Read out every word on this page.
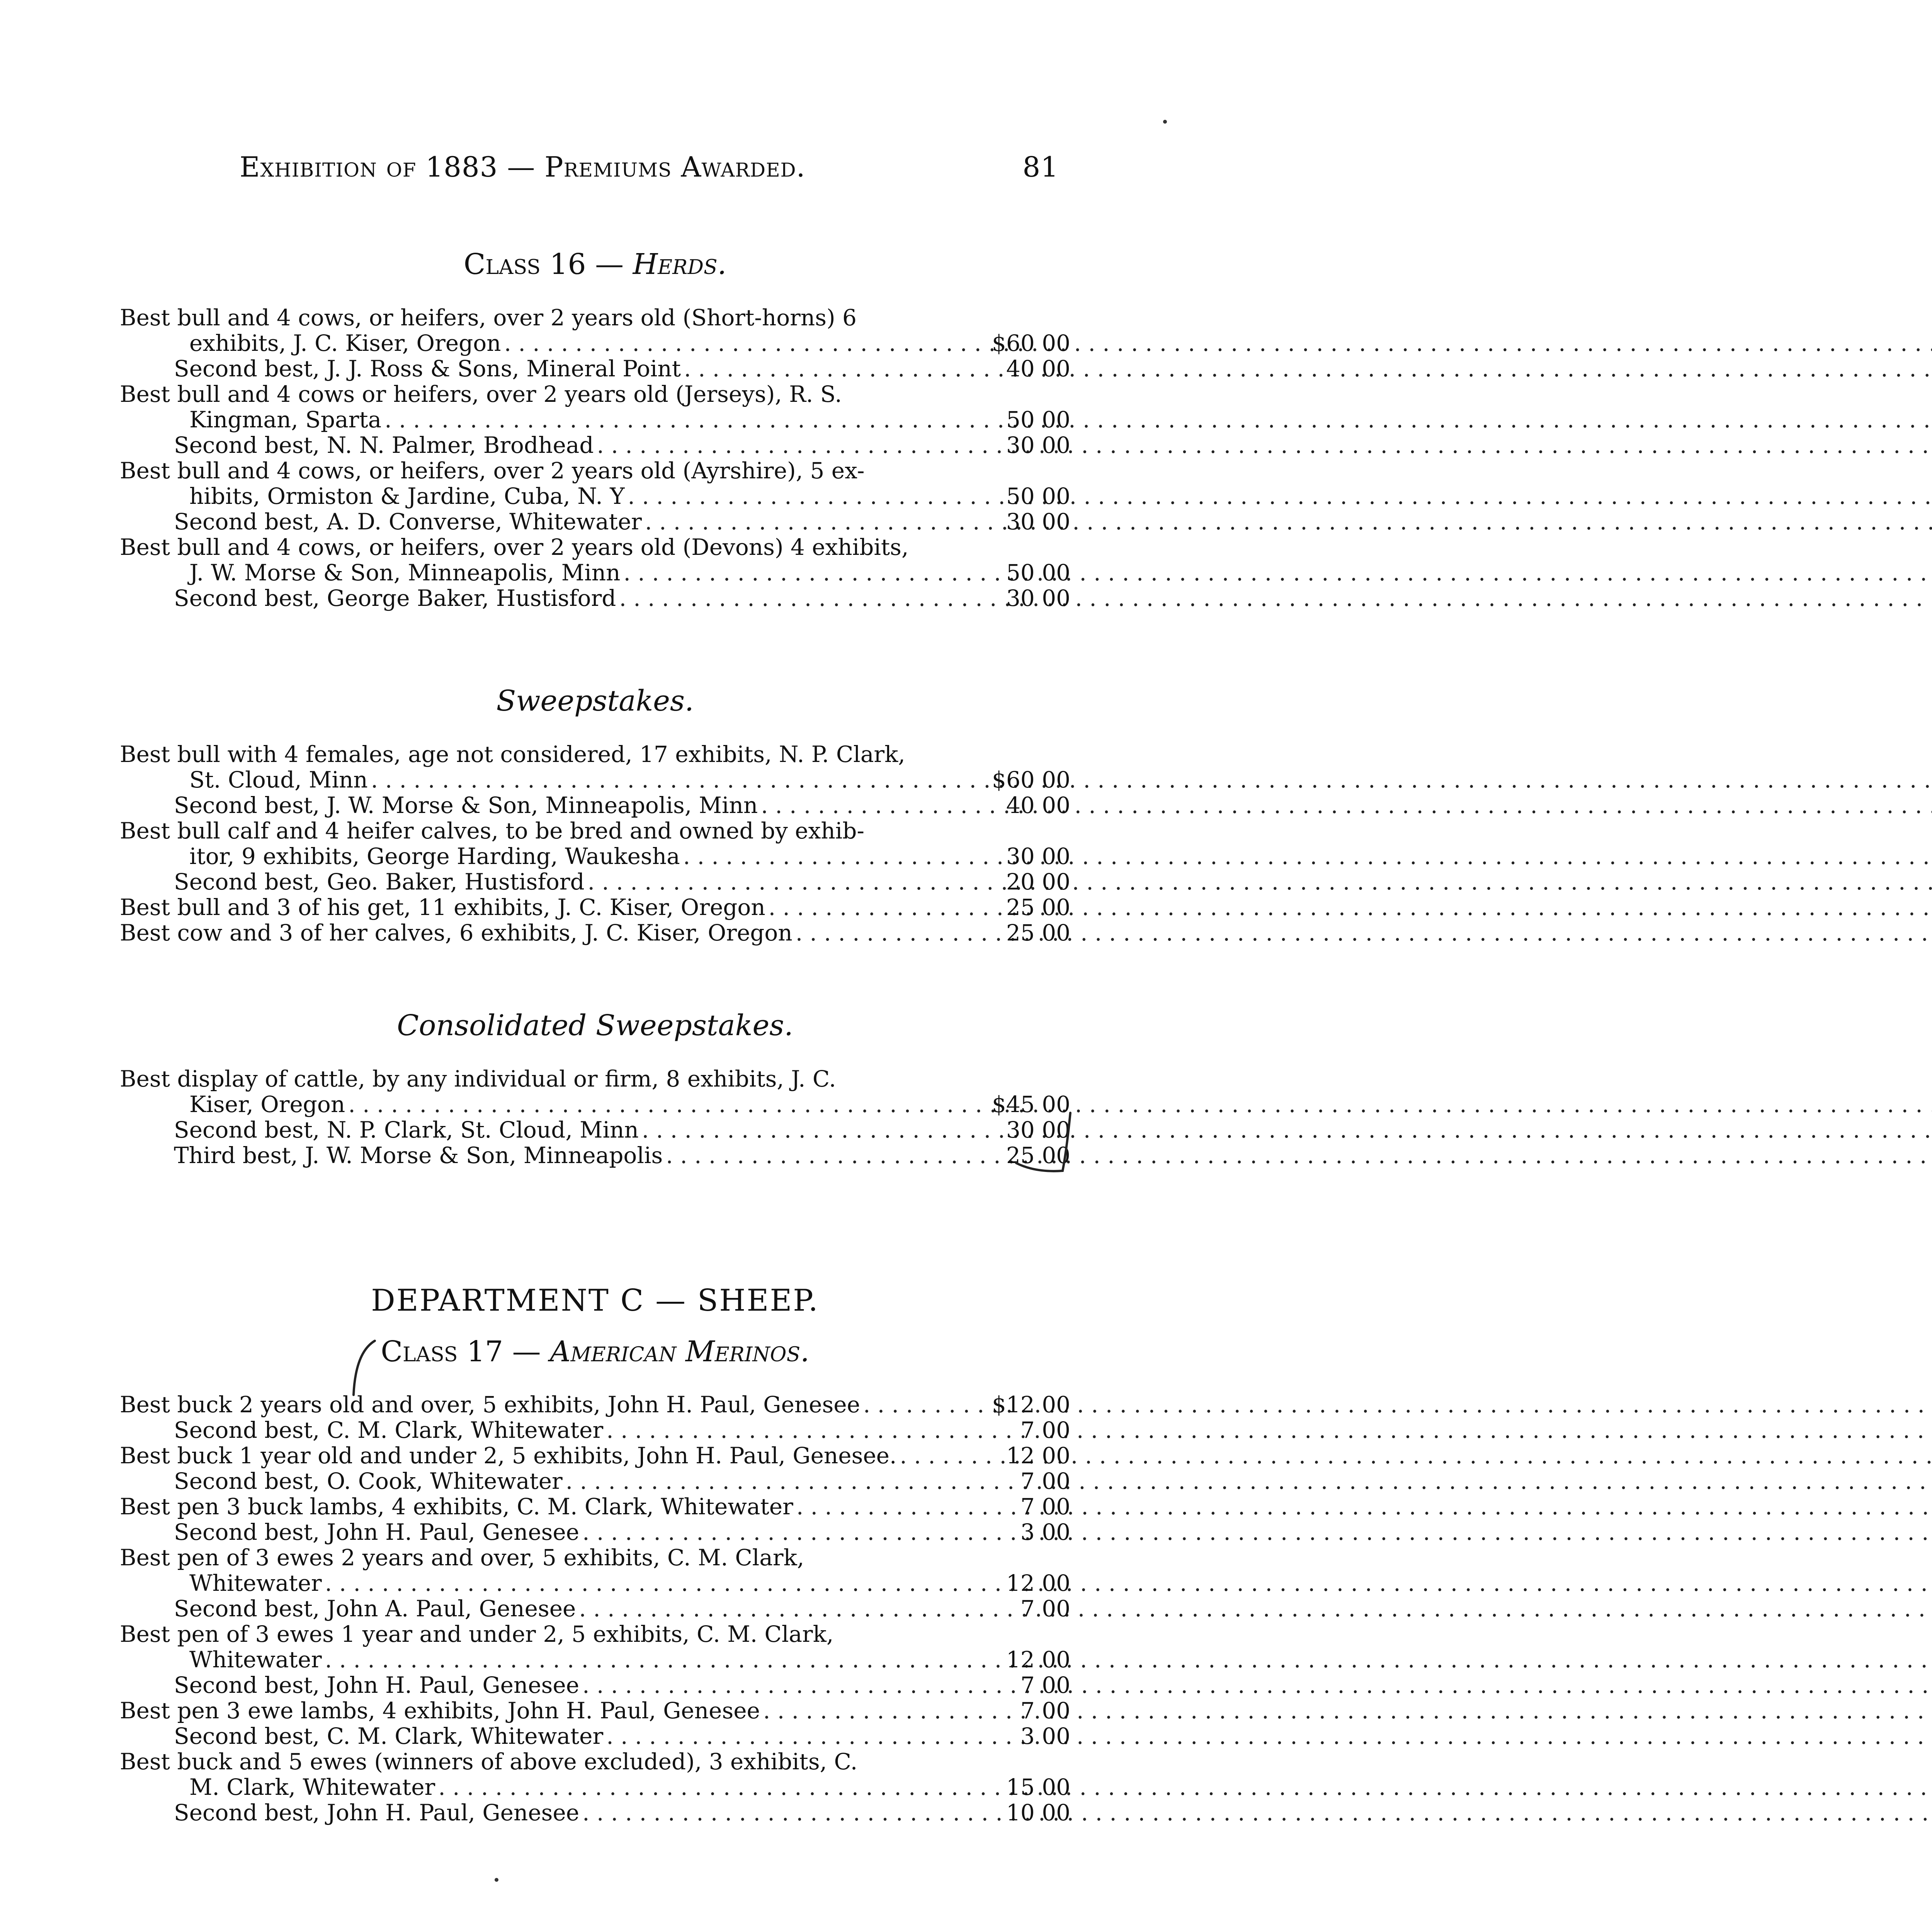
Exhibition of 1883 — Premiums Awarded.	81
Class 16 — Herds.
Best bull and 4 cows, or heifers, over 2 years old (Short-horns) 6
exhibits, J. C. Kiser, Oregon . . .	$60 00
Second best, J. J. Ross & Sons, Mineral Point . . .	40 00
Best bull and 4 cows or heifers, over 2 years old (Jerseys), R. S.
Kingman, Sparta . . .	50 00
Second best, N. N. Palmer, Brodhead . . .	30 00
Best bull and 4 cows, or heifers, over 2 years old (Ayrshire), 5 ex-
hibits, Ormiston & Jardine, Cuba, N. Y . . .	50 00
Second best, A. D. Converse, Whitewater . . .	30 00
Best bull and 4 cows, or heifers, over 2 years old (Devons) 4 exhibits,
J. W. Morse & Son, Minneapolis, Minn . . .	50 00
Second best, George Baker, Hustisford . . .	30 00
Sweepstakes.
Best bull with 4 females, age not considered, 17 exhibits, N. P. Clark,
St. Cloud, Minn . . .	$60 00
Second best, J. W. Morse & Son, Minneapolis, Minn . . .	40 00
Best bull calf and 4 heifer calves, to be bred and owned by exhib-
itor, 9 exhibits, George Harding, Waukesha . . .	30 00
Second best, Geo. Baker, Hustisford . . .	20 00
Best bull and 3 of his get, 11 exhibits, J. C. Kiser, Oregon . . .	25 00
Best cow and 3 of her calves, 6 exhibits, J. C. Kiser, Oregon . . .	25 00
Consolidated Sweepstakes.
Best display of cattle, by any individual or firm, 8 exhibits, J. C.
Kiser, Oregon . . .	$45 00
Second best, N. P. Clark, St. Cloud, Minn . . .	30 00
Third best, J. W. Morse & Son, Minneapolis . . .	25 00
DEPARTMENT C — SHEEP.
Class 17 — American Merinos.
Best buck 2 years old and over, 5 exhibits, John H. Paul, Genesee . . .	$12 00
Second best, C. M. Clark, Whitewater . . .	7 00
Best buck 1 year old and under 2, 5 exhibits, John H. Paul, Genesee. . . .	12 00
Second best, O. Cook, Whitewater . . .	7 00
Best pen 3 buck lambs, 4 exhibits, C. M. Clark, Whitewater . . .	7 00
Second best, John H. Paul, Genesee . . .	3 00
Best pen of 3 ewes 2 years and over, 5 exhibits, C. M. Clark,
Whitewater . . .	12 00
Second best, John A. Paul, Genesee . . .	7 00
Best pen of 3 ewes 1 year and under 2, 5 exhibits, C. M. Clark,
Whitewater . . .	12 00
Second best, John H. Paul, Genesee . . .	7 00
Best pen 3 ewe lambs, 4 exhibits, John H. Paul, Genesee . . .	7 00
Second best, C. M. Clark, Whitewater . . .	3 00
Best buck and 5 ewes (winners of above excluded), 3 exhibits, C.
M. Clark, Whitewater . . .	15 00
Second best, John H. Paul, Genesee . . .	10 00
